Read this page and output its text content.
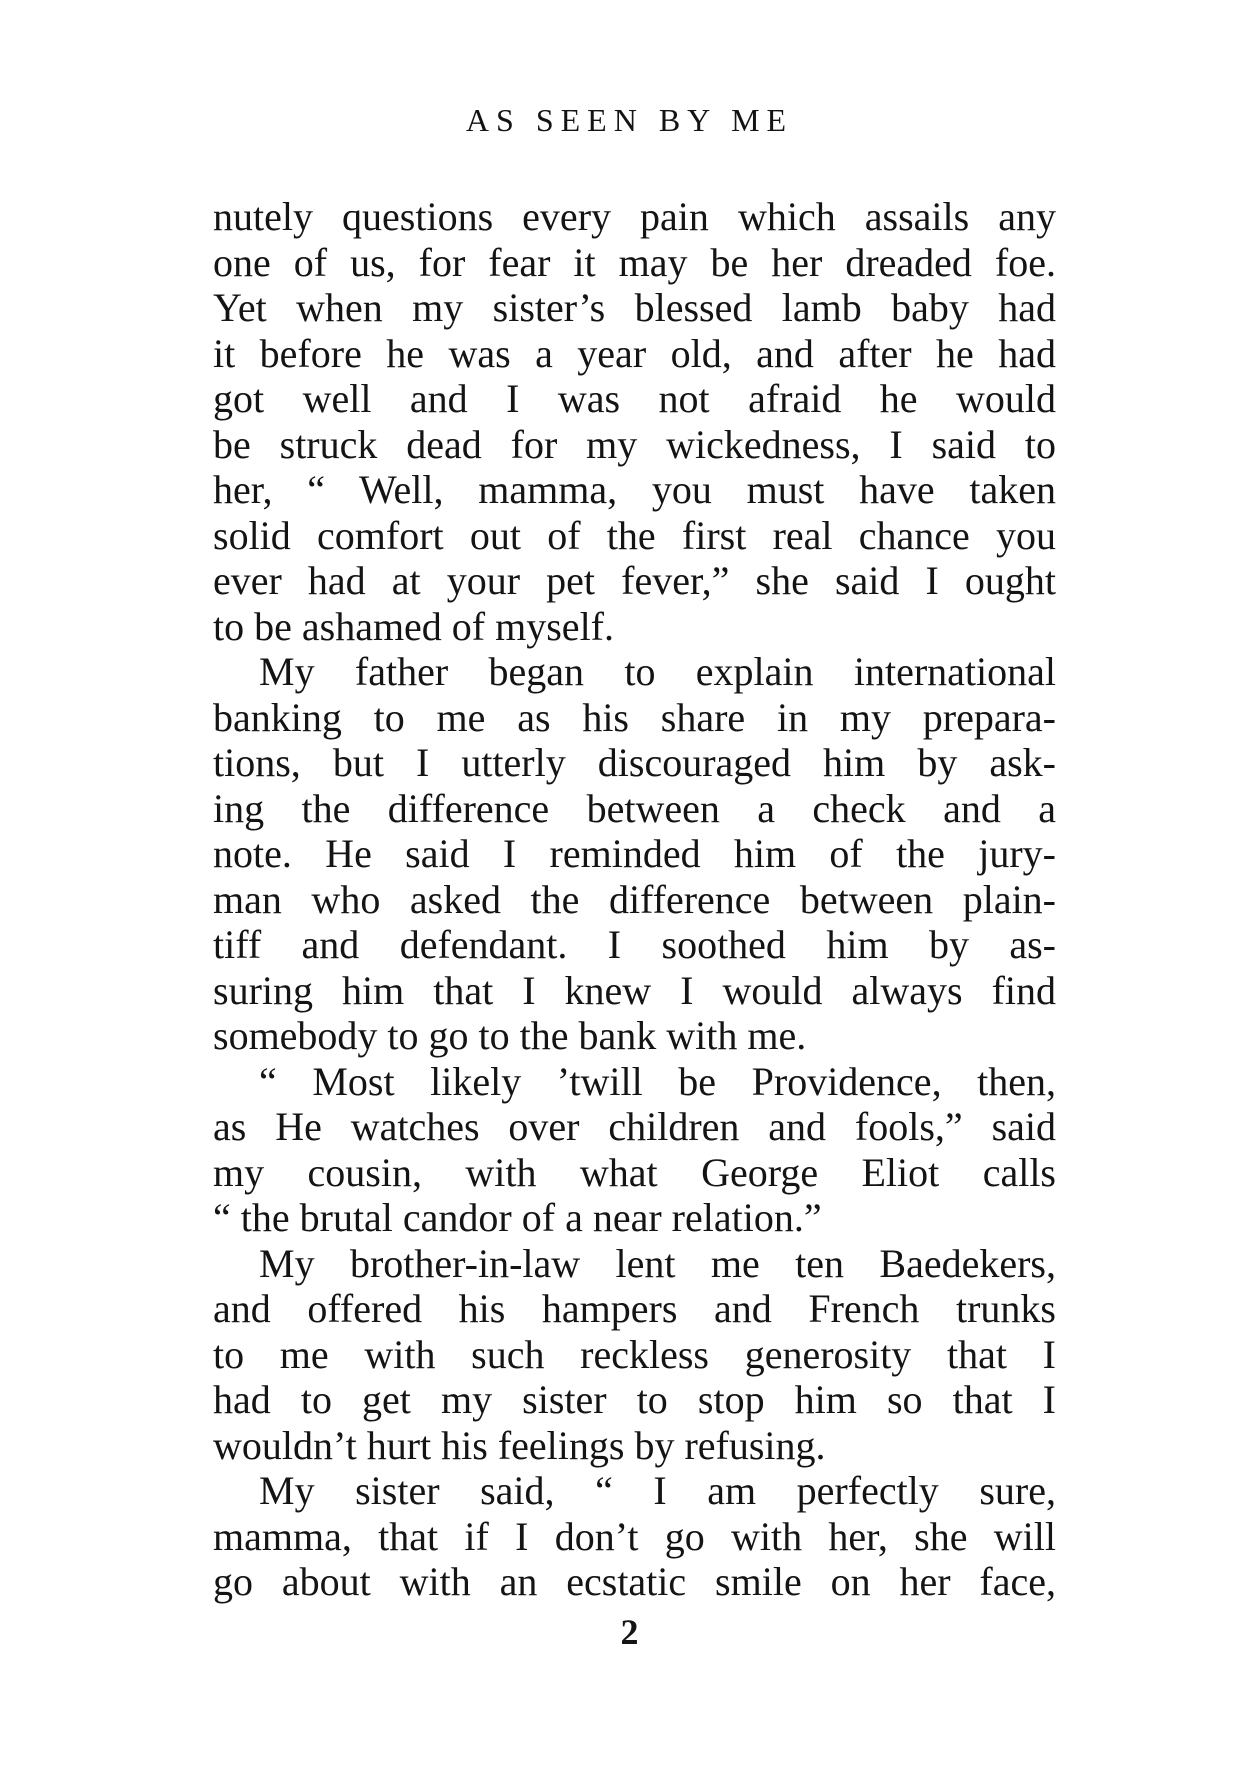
AS SEEN BY ME
nutely questions every pain which assails any
one of us, for fear it may be her dreaded foe.
Yet when my sister’s blessed lamb baby had
it before he was a year old, and after he had
got well and I was not afraid he would
be struck dead for my wickedness, I said to
her, “ Well, mamma, you must have taken
solid comfort out of the first real chance you
ever had at your pet fever,” she said I ought
to be ashamed of myself.
My father began to explain international
banking to me as his share in my prepara-
tions, but I utterly discouraged him by ask-
ing the difference between a check and a
note. He said I reminded him of the jury-
man who asked the difference between plain-
tiff and defendant. I soothed him by as-
suring him that I knew I would always find
somebody to go to the bank with me.
“ Most likely ’twill be Providence, then,
as He watches over children and fools,” said
my cousin, with what George Eliot calls
“ the brutal candor of a near relation.”
My brother-in-law lent me ten Baedekers,
and offered his hampers and French trunks
to me with such reckless generosity that I
had to get my sister to stop him so that I
wouldn’t hurt his feelings by refusing.
My sister said, “ I am perfectly sure,
mamma, that if I don’t go with her, she will
go about with an ecstatic smile on her face,
2
